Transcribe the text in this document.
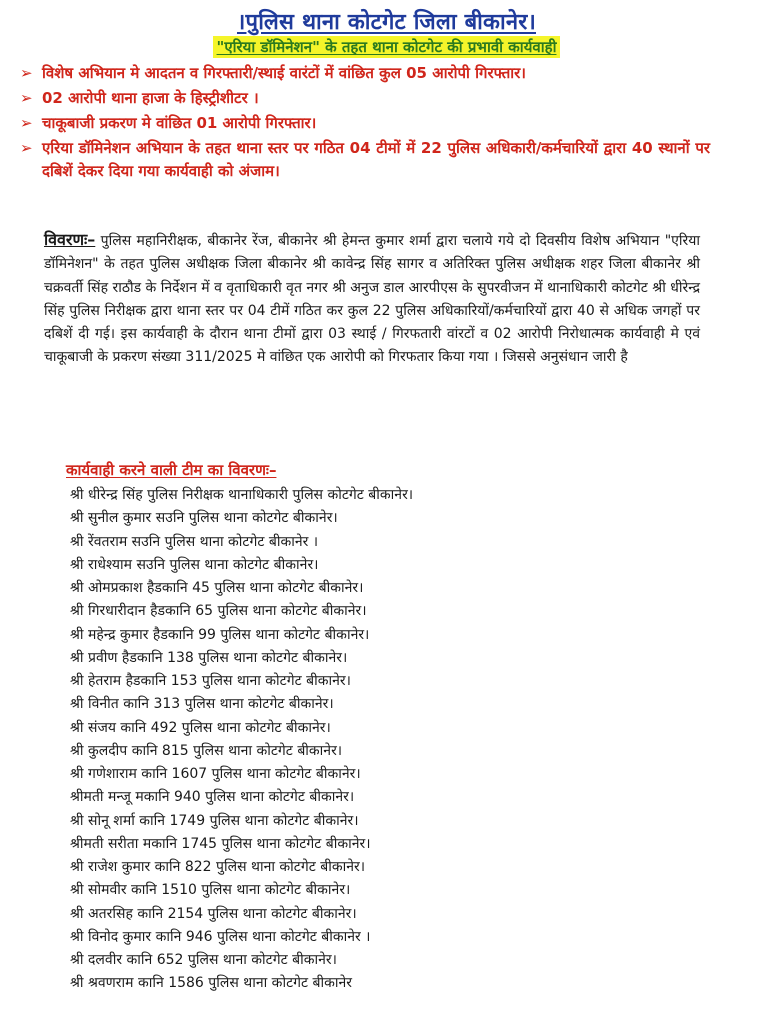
।पुलिस थाना कोटगेट जिला बीकानेर।
"एरिया डॉमिनेशन" के तहत थाना कोटगेट की प्रभावी कार्यवाही
➢ विशेष अभियान मे आदतन व गिरफ्तारी/स्थाई वारंटों में वांछित कुल 05 आरोपी गिरफ्तार।
➢ 02 आरोपी थाना हाजा के हिस्ट्रीशीटर ।
➢ चाकूबाजी प्रकरण मे वांछित 01 आरोपी गिरफ्तार।
➢ एरिया डॉमिनेशन अभियान के तहत थाना स्तर पर गठित 04 टीमों में 22 पुलिस अधिकारी/कर्मचारियों द्वारा 40 स्थानों पर दबिशें देकर दिया गया कार्यवाही को अंजाम।
विवरणः– पुलिस महानिरीक्षक, बीकानेर रेंज, बीकानेर श्री हेमन्त कुमार शर्मा द्वारा चलाये गये दो दिवसीय विशेष अभियान "एरिया डॉमिनेशन" के तहत पुलिस अधीक्षक जिला बीकानेर श्री कावेन्द्र सिंह सागर व अतिरिक्त पुलिस अधीक्षक शहर जिला बीकानेर श्री चक्रवर्ती सिंह राठौड के निर्देशन में व वृताधिकारी वृत नगर श्री अनुज डाल आरपीएस के सुपरवीजन में थानाधिकारी कोटगेट श्री धीरेन्द्र सिंह पुलिस निरीक्षक द्वारा थाना स्तर पर 04 टीमें गठित कर कुल 22 पुलिस अधिकारियों/कर्मचारियों द्वारा 40 से अधिक जगहों पर दबिशें दी गई। इस कार्यवाही के दौरान थाना टीमों द्वारा 03 स्थाई / गिरफतारी वांरटों व 02 आरोपी निरोधात्मक कार्यवाही मे एवं चाकूबाजी के प्रकरण संख्या 311/2025 मे वांछित एक आरोपी को गिरफतार किया गया । जिससे अनुसंधान जारी है
कार्यवाही करने वाली टीम का विवरणः–
श्री धीरेन्द्र सिंह पुलिस निरीक्षक थानाधिकारी पुलिस कोटगेट बीकानेर।
श्री सुनील कुमार सउनि पुलिस थाना कोटगेट बीकानेर।
श्री रेंवतराम सउनि पुलिस थाना कोटगेट बीकानेर ।
श्री राधेश्याम सउनि पुलिस थाना कोटगेट बीकानेर।
श्री ओमप्रकाश हैडकानि 45 पुलिस थाना कोटगेट बीकानेर।
श्री गिरधारीदान हैडकानि 65 पुलिस थाना कोटगेट बीकानेर।
श्री महेन्द्र कुमार हैडकानि 99 पुलिस थाना कोटगेट बीकानेर।
श्री प्रवीण हैडकानि 138 पुलिस थाना कोटगेट बीकानेर।
श्री हेतराम हैडकानि 153 पुलिस थाना कोटगेट बीकानेर।
श्री विनीत कानि 313 पुलिस थाना कोटगेट बीकानेर।
श्री संजय कानि 492 पुलिस थाना कोटगेट बीकानेर।
श्री कुलदीप कानि 815 पुलिस थाना कोटगेट बीकानेर।
श्री गणेशाराम कानि 1607 पुलिस थाना कोटगेट बीकानेर।
श्रीमती मन्जू मकानि 940 पुलिस थाना कोटगेट बीकानेर।
श्री सोनू शर्मा कानि 1749 पुलिस थाना कोटगेट बीकानेर।
श्रीमती सरीता मकानि 1745 पुलिस थाना कोटगेट बीकानेर।
श्री राजेश कुमार कानि 822 पुलिस थाना कोटगेट बीकानेर।
श्री सोमवीर कानि 1510 पुलिस थाना कोटगेट बीकानेर।
श्री अतरसिह कानि 2154 पुलिस थाना कोटगेट बीकानेर।
श्री विनोद कुमार कानि 946 पुलिस थाना कोटगेट बीकानेर ।
श्री दलवीर कानि 652 पुलिस थाना कोटगेट बीकानेर।
श्री श्रवणराम कानि 1586 पुलिस थाना कोटगेट बीकानेर
